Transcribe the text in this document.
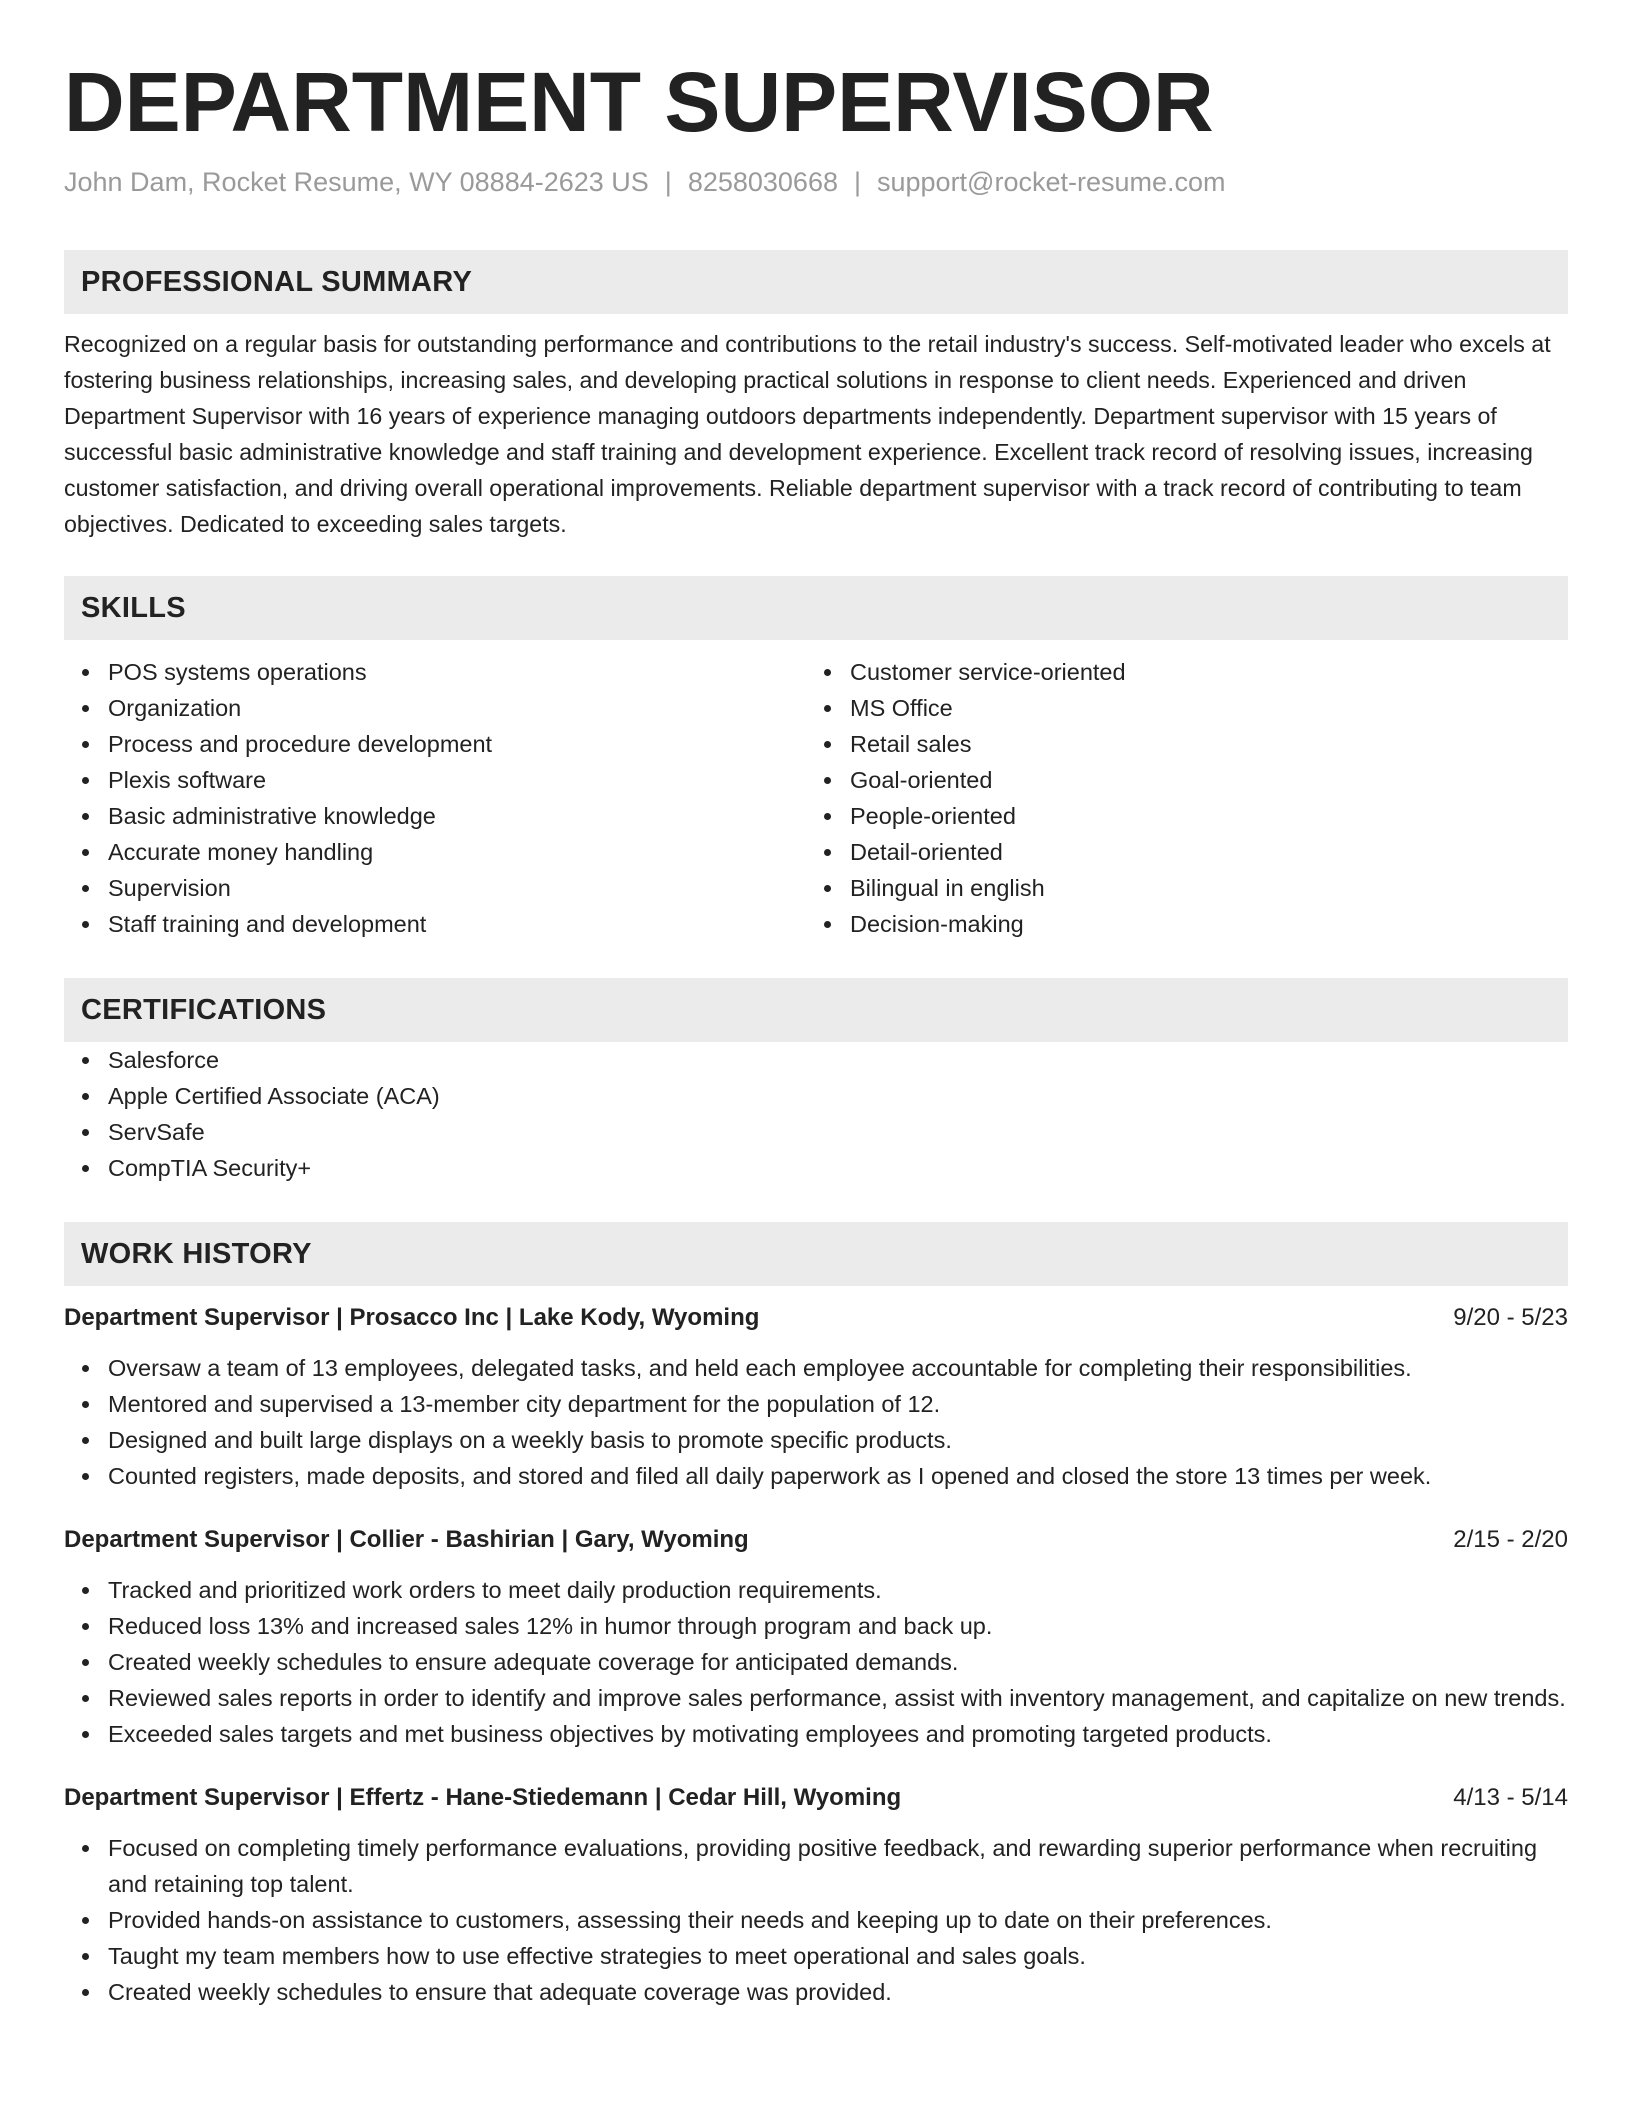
DEPARTMENT SUPERVISOR
John Dam, Rocket Resume, WY 08884-2623 US | 8258030668 | support@rocket-resume.com
PROFESSIONAL SUMMARY
Recognized on a regular basis for outstanding performance and contributions to the retail industry's success. Self-motivated leader who excels at fostering business relationships, increasing sales, and developing practical solutions in response to client needs. Experienced and driven Department Supervisor with 16 years of experience managing outdoors departments independently. Department supervisor with 15 years of successful basic administrative knowledge and staff training and development experience. Excellent track record of resolving issues, increasing customer satisfaction, and driving overall operational improvements. Reliable department supervisor with a track record of contributing to team objectives. Dedicated to exceeding sales targets.
SKILLS
POS systems operations
Organization
Process and procedure development
Plexis software
Basic administrative knowledge
Accurate money handling
Supervision
Staff training and development
Customer service-oriented
MS Office
Retail sales
Goal-oriented
People-oriented
Detail-oriented
Bilingual in english
Decision-making
CERTIFICATIONS
Salesforce
Apple Certified Associate (ACA)
ServSafe
CompTIA Security+
WORK HISTORY
Department Supervisor | Prosacco Inc | Lake Kody, Wyoming	9/20 - 5/23
Oversaw a team of 13 employees, delegated tasks, and held each employee accountable for completing their responsibilities.
Mentored and supervised a 13-member city department for the population of 12.
Designed and built large displays on a weekly basis to promote specific products.
Counted registers, made deposits, and stored and filed all daily paperwork as I opened and closed the store 13 times per week.
Department Supervisor | Collier - Bashirian | Gary, Wyoming	2/15 - 2/20
Tracked and prioritized work orders to meet daily production requirements.
Reduced loss 13% and increased sales 12% in humor through program and back up.
Created weekly schedules to ensure adequate coverage for anticipated demands.
Reviewed sales reports in order to identify and improve sales performance, assist with inventory management, and capitalize on new trends.
Exceeded sales targets and met business objectives by motivating employees and promoting targeted products.
Department Supervisor | Effertz - Hane-Stiedemann | Cedar Hill, Wyoming	4/13 - 5/14
Focused on completing timely performance evaluations, providing positive feedback, and rewarding superior performance when recruiting and retaining top talent.
Provided hands-on assistance to customers, assessing their needs and keeping up to date on their preferences.
Taught my team members how to use effective strategies to meet operational and sales goals.
Created weekly schedules to ensure that adequate coverage was provided.
